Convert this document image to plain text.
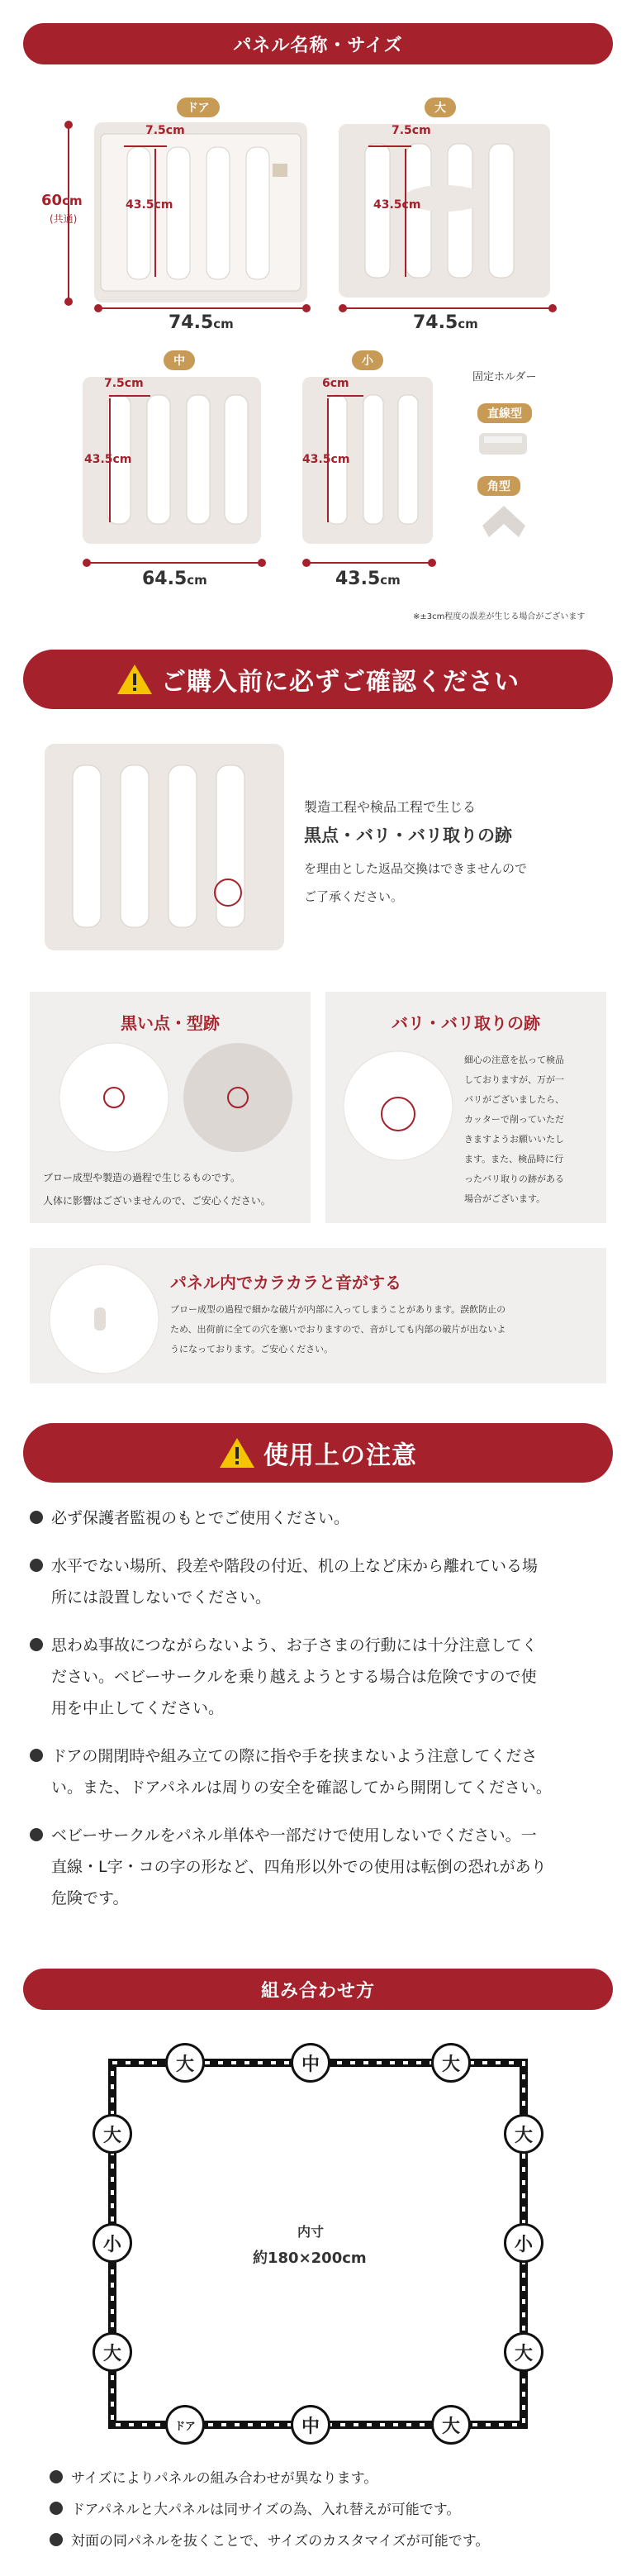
パネル名称・サイズ
60cm
(共通)
ドア
7.5cm
43.5cm
74.5cm
大
7.5cm
43.5cm
74.5cm
中
7.5cm
43.5cm
64.5cm
小
6cm
43.5cm
43.5cm
固定ホルダー
直線型
角型
※±3cm程度の誤差が生じる場合がございます
ご購入前に必ずご確認ください
製造工程や検品工程で生じる
黒点・バリ・バリ取りの跡
を理由とした返品交換はできませんので
ご了承ください。
黒い点・型跡
ブロー成型や製造の過程で生じるものです。
人体に影響はございませんので、ご安心ください。
バリ・バリ取りの跡
パネル内でカラカラと音がする
使用上の注意
組み合わせ方
内寸
約180×200cm
細心の注意を払って検品
しておりますが、万が一
バリがございましたら、
カッターで削っていただ
きますようお願いいたし
ます。また、検品時に行
ったバリ取りの跡がある
場合がございます。
ブロー成型の過程で細かな破片が内部に入ってしまうことがあります。誤飲防止の
ため、出荷前に全ての穴を塞いでおりますので、音がしても内部の破片が出ないよ
うになっております。ご安心ください。
必ず保護者監視のもとでご使用ください。
水平でない場所、段差や階段の付近、机の上など床から離れている場
所には設置しないでください。
思わぬ事故につながらないよう、お子さまの行動には十分注意してく
ださい。ベビーサークルを乗り越えようとする場合は危険ですので使
用を中止してください。
ドアの開閉時や組み立ての際に指や手を挟まないよう注意してくださ
い。また、ドアパネルは周りの安全を確認してから開閉してください。
ベビーサークルをパネル単体や一部だけで使用しないでください。一
直線・L字・コの字の形など、四角形以外での使用は転倒の恐れがあり
危険です。
大	中	大
ドア	中	大
大
小
大
大
小
大
サイズによりパネルの組み合わせが異なります。
ドアパネルと大パネルは同サイズの為、入れ替えが可能です。
対面の同パネルを抜くことで、サイズのカスタマイズが可能です。
